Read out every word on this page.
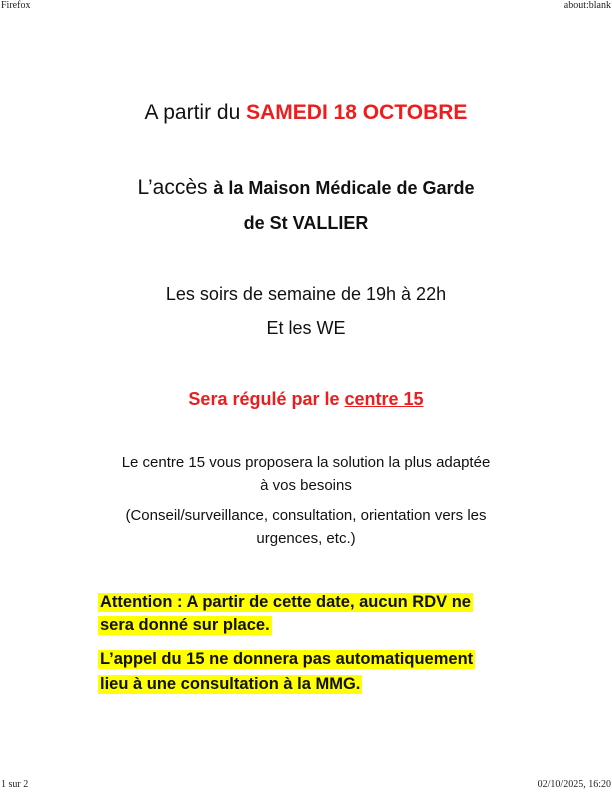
Firefox	about:blank
A partir du SAMEDI 18 OCTOBRE
L’accès à la Maison Médicale de Garde
de St VALLIER
Les soirs de semaine de 19h à 22h
Et les WE
Sera régulé par le centre 15
Le centre 15 vous proposera la solution la plus adaptée
à vos besoins
(Conseil/surveillance, consultation, orientation vers les
urgences, etc.)
Attention : A partir de cette date, aucun RDV ne
sera donné sur place.
L’appel du 15 ne donnera pas automatiquement
lieu à une consultation à la MMG.
1 sur 2	02/10/2025, 16:20
